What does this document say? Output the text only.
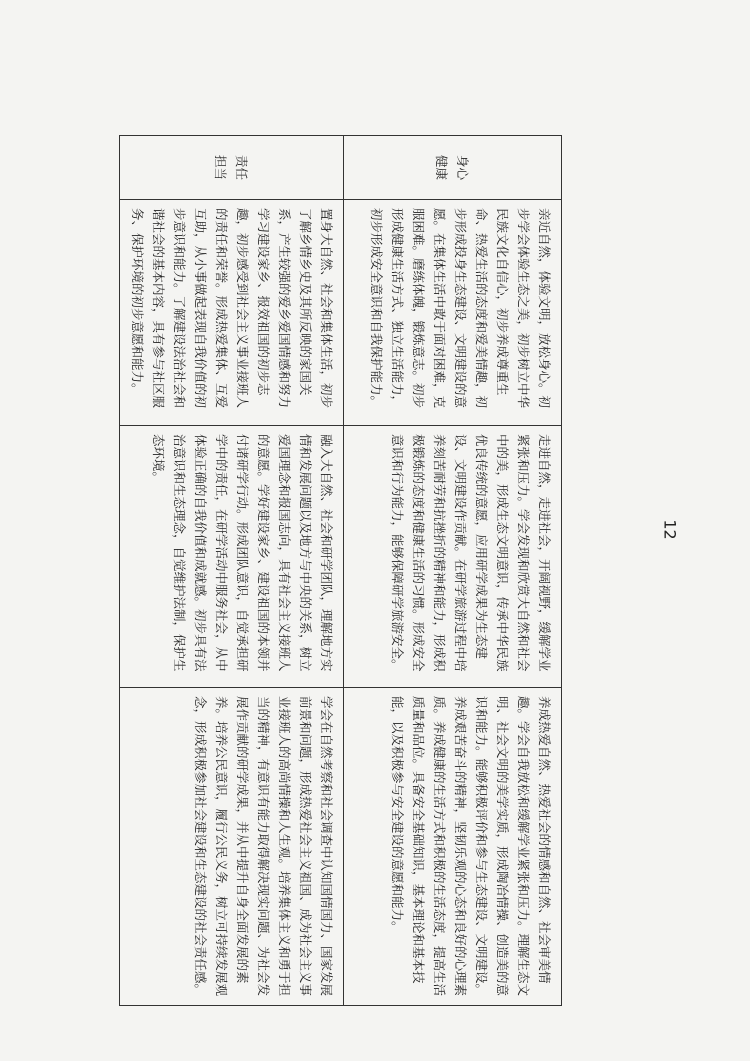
身心
健康	亲近自然，体验文明，放松身心。初步学会体验生态之美，初步树立中华民族文化自信心，初步养成尊重生命、热爱生活的态度和爱美情趣，初步形成投身生态建设、文明建设的意愿。在集体生活中敢于面对困难，克服困难。磨练体魄，锻炼意志。初步形成健康生活方式、独立生活能力，初步形成安全意识和自我保护能力。	走进自然，走进社会，开阔视野，缓解学业紧张和压力。学会发现和欣赏大自然和社会中的美，形成生态文明意识，传承中华民族优良传统的意愿，应用研学成果为生态建设、文明建设作贡献。在研学旅游过程中培养刻苦耐劳和抗挫折的精神和能力，形成积极锻炼的态度和健康生活的习惯。形成安全意识和行为能力，能够保障研学旅游安全。	养成热爱自然、热爱社会的情感和自然、社会审美情趣。学会自我放松和缓解学业紧张和压力。理解生态文明、社会文明的美学实质，形成陶冶情操、创造美的意识和能力。能够积极评价和参与生态建设、文明建设。养成艰苦奋斗的精神，坚韧乐观的心态和良好的心理素质。养成健康的生活方式和积极的生活态度，提高生活质量和品位。具备安全基础知识，基本理论和基本技能，以及积极参与安全建设的意愿和能力。

责任
担当	置身大自然、社会和集体生活，初步了解乡情乡史及其所反映的家国关系，产生较强的爱乡爱国情感和努力学习建设家乡、报效祖国的初步志趣，初步感受到社会主义事业接班人的责任和荣誉。形成热爱集体、互爱互助，从小事做起表现自我价值的初步意识和能力。了解建设法治社会和谐社会的基本内容，具有参与社区服务、保护环境的初步意愿和能力。	融入大自然、社会和研学团队，理解地方实情和发展问题以及地方与中央的关系，树立爱国理念和报国志向，具有社会主义接班人的意愿。学好建设家乡、建设祖国的本领并付诸研学行动。形成团队意识，自觉承担研学中的责任，在研学活动中服务社会，从中体验正确的自我价值和成就感。初步具有法治意识和生态理念，自觉维护法制，保护生态环境。	学会在自然考察和社会调查中认知国情国力、国家发展前景和问题，形成热爱社会主义祖国、成为社会主义事业接班人的高尚情操和人生观。培养集体主义和勇于担当的精神，有意识有能力取得解决现实问题、为社会发展作贡献的研学成果，并从中提升自身全面发展的素养。培养公民意识，履行公民义务，树立可持续发展观念，形成积极参加社会建设和生态建设的社会责任感。
12
